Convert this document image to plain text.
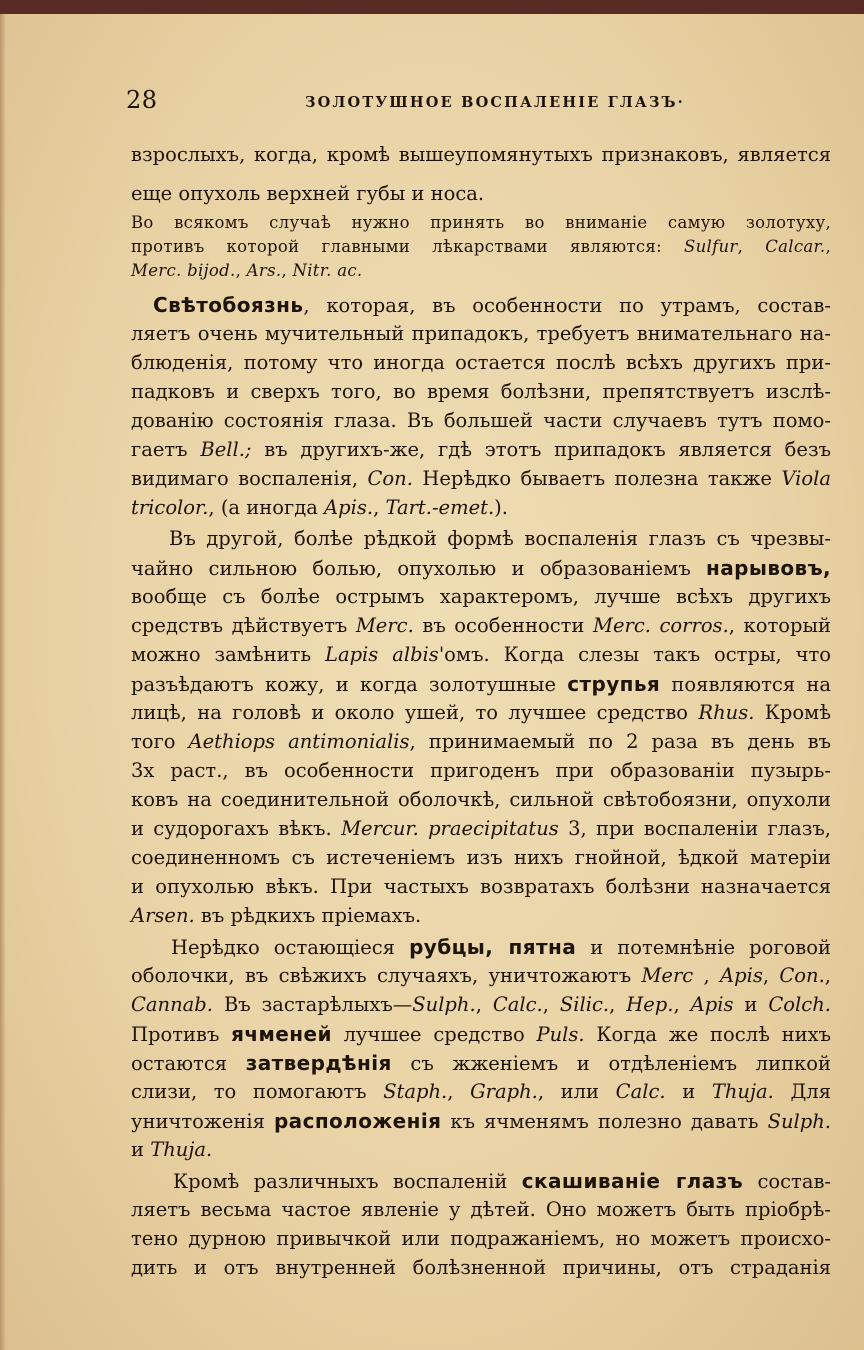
28	ЗОЛОТУШНОЕ ВОСПАЛЕНІЕ ГЛАЗЪ·
взрослыхъ, когда, кромѣ вышеупомянутыхъ признаковъ, является
еще опухоль верхней губы и носа.
Во всякомъ случаѣ нужно принять во вниманіе самую золотуху,
противъ которой главными лѣкарствами являются: Sulfur, Calcar.,
Merc. bijod., Ars., Nitr. ac.
Свѣтобоязнь, которая, въ особенности по утрамъ, состав-
ляетъ очень мучительный припадокъ, требуетъ внимательнаго на-
блюденія, потому что иногда остается послѣ всѣхъ другихъ при-
падковъ и сверхъ того, во время болѣзни, препятствуетъ изслѣ-
дованію состоянія глаза. Въ большей части случаевъ тутъ помо-
гаетъ Bell.; въ другихъ-же, гдѣ этотъ припадокъ является безъ
видимаго воспаленія, Con. Нерѣдко бываетъ полезна также Viola
tricolor., (а иногда Apis., Tart.-emet.).
Въ другой, болѣе рѣдкой формѣ воспаленія глазъ съ чрезвы-
чайно сильною болью, опухолью и образованіемъ нарывовъ,
вообще съ болѣе острымъ характеромъ, лучше всѣхъ другихъ
средствъ дѣйствуетъ Merc. въ особенности Merc. corros., который
можно замѣнить Lapis albis'омъ. Когда слезы такъ остры, что
разъѣдаютъ кожу, и когда золотушные струпья появляются на
лицѣ, на головѣ и около ушей, то лучшее средство Rhus. Кромѣ
того Aethiops antimonialis, принимаемый по 2 раза въ день въ
3х раст., въ особенности пригоденъ при образованіи пузырь-
ковъ на соединительной оболочкѣ, сильной свѣтобоязни, опухоли
и судорогахъ вѣкъ. Mercur. praecipitatus 3, при воспаленіи глазъ,
соединенномъ съ истеченіемъ изъ нихъ гнойной, ѣдкой матеріи
и опухолью вѣкъ. При частыхъ возвратахъ болѣзни назначается
Arsen. въ рѣдкихъ пріемахъ.
Нерѣдко остающіеся рубцы, пятна и потемнѣніе роговой
оболочки, въ свѣжихъ случаяхъ, уничтожаютъ Merc , Apis, Con.,
Cannab. Въ застарѣлыхъ—Sulph., Calc., Silic., Hep., Apis и Colch.
Противъ ячменей лучшее средство Puls. Когда же послѣ нихъ
остаются затвердѣнія съ жженіемъ и отдѣленіемъ липкой
слизи, то помогаютъ Staph., Graph., или Calc. и Thuja. Для
уничтоженія расположенія къ ячменямъ полезно давать Sulph.
и Thuja.
Кромѣ различныхъ воспаленій скашиваніе глазъ состав-
ляетъ весьма частое явленіе у дѣтей. Оно можетъ быть пріобрѣ-
тено дурною привычкой или подражаніемъ, но можетъ происхо-
дить и отъ внутренней болѣзненной причины, отъ страданія
